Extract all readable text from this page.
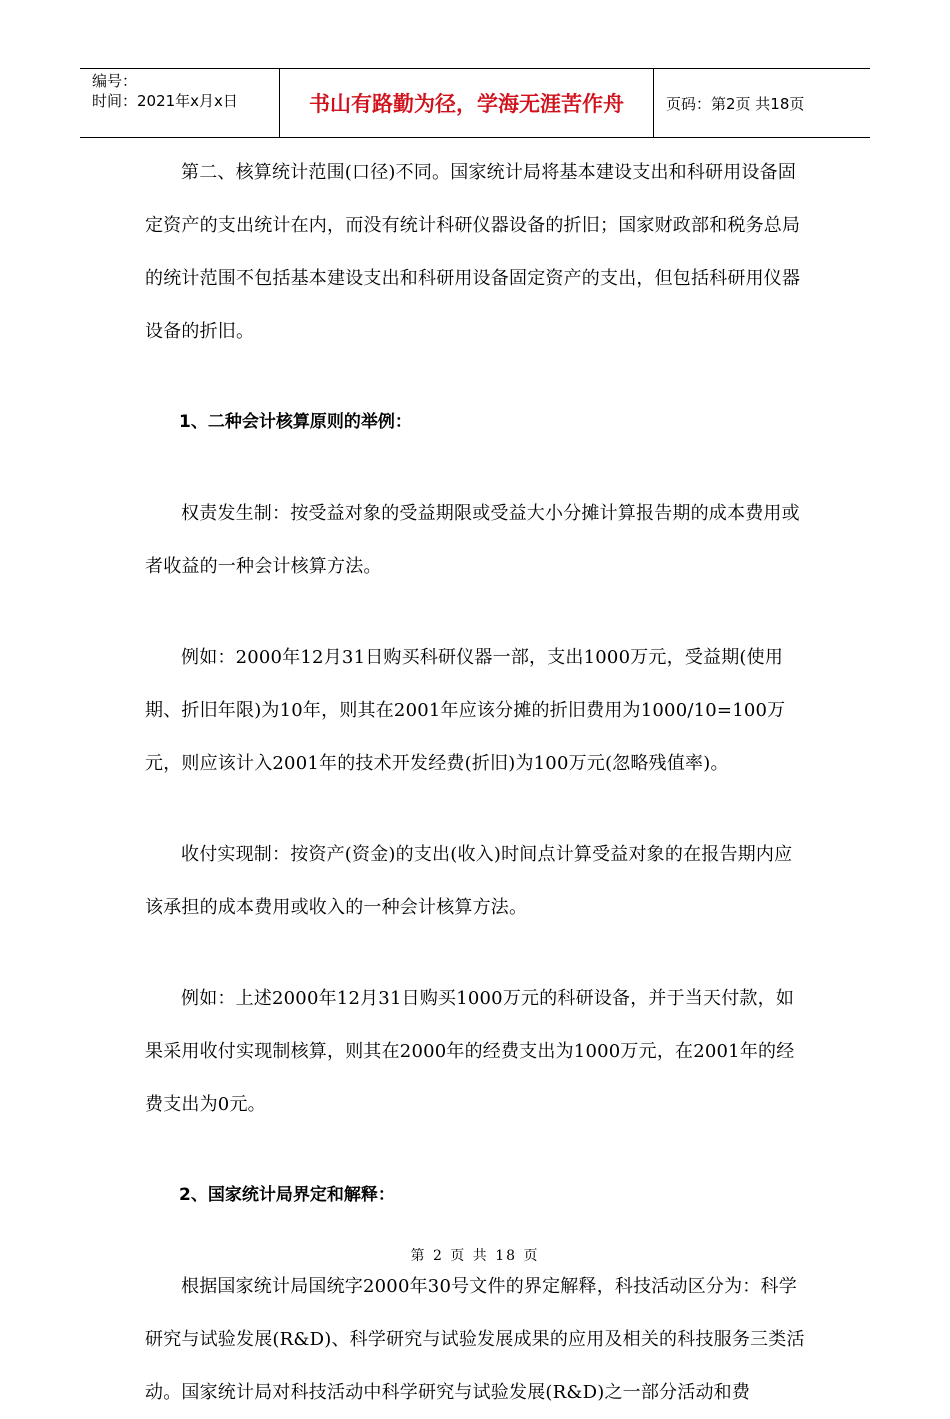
编号：
时间：2021年x月x日	书山有路勤为径，学海无涯苦作舟	页码：第2页 共18页

第二、核算统计范围(口径)不同。国家统计局将基本建设支出和科研用设备固定资产的支出统计在内，而没有统计科研仪器设备的折旧；国家财政部和税务总局的统计范围不包括基本建设支出和科研用设备固定资产的支出，但包括科研用仪器设备的折旧。

1、二种会计核算原则的举例：

权责发生制：按受益对象的受益期限或受益大小分摊计算报告期的成本费用或者收益的一种会计核算方法。

例如：2000年12月31日购买科研仪器一部，支出1000万元，受益期(使用期、折旧年限)为10年，则其在2001年应该分摊的折旧费用为1000/10=100万元，则应该计入2001年的技术开发经费(折旧)为100万元(忽略残值率)。

收付实现制：按资产(资金)的支出(收入)时间点计算受益对象的在报告期内应该承担的成本费用或收入的一种会计核算方法。

例如：上述2000年12月31日购买1000万元的科研设备，并于当天付款，如果采用收付实现制核算，则其在2000年的经费支出为1000万元，在2001年的经费支出为0元。

2、国家统计局界定和解释：

根据国家统计局国统字2000年30号文件的界定解释，科技活动区分为：科学研究与试验发展(R&D)、科学研究与试验发展成果的应用及相关的科技服务三类活动。国家统计局对科技活动中科学研究与试验发展(R&D)之一部分活动和费

第 2 页 共 18 页
